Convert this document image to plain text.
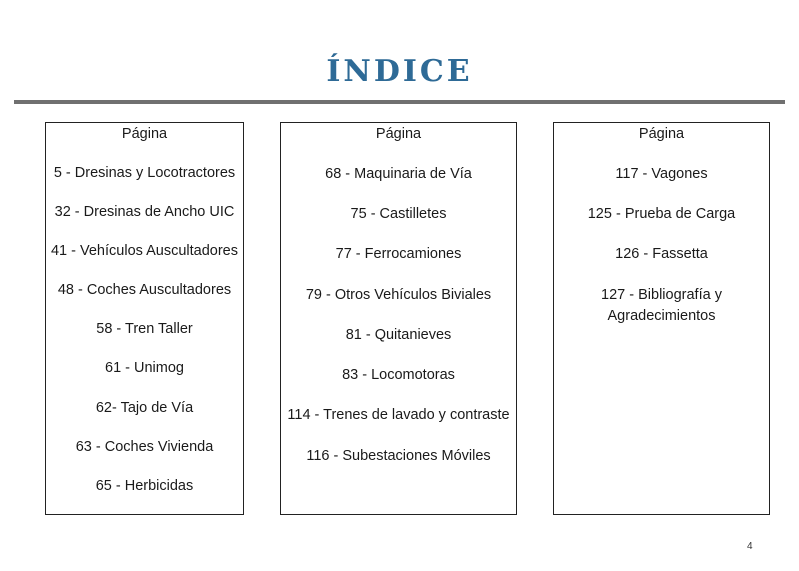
ÍNDICE
Página
5 - Dresinas y Locotractores
32 - Dresinas de Ancho UIC
41 - Vehículos Auscultadores
48 - Coches Auscultadores
58 - Tren Taller
61 - Unimog
62- Tajo de Vía
63 - Coches Vivienda
65 - Herbicidas
Página
68 - Maquinaria de Vía
75 - Castilletes
77 - Ferrocamiones
79 - Otros Vehículos Biviales
81 - Quitanieves
83 - Locomotoras
114 - Trenes de lavado y contraste
116 - Subestaciones Móviles
Página
117 - Vagones
125 - Prueba de Carga
126 - Fassetta
127 - Bibliografía y
Agradecimientos
4
